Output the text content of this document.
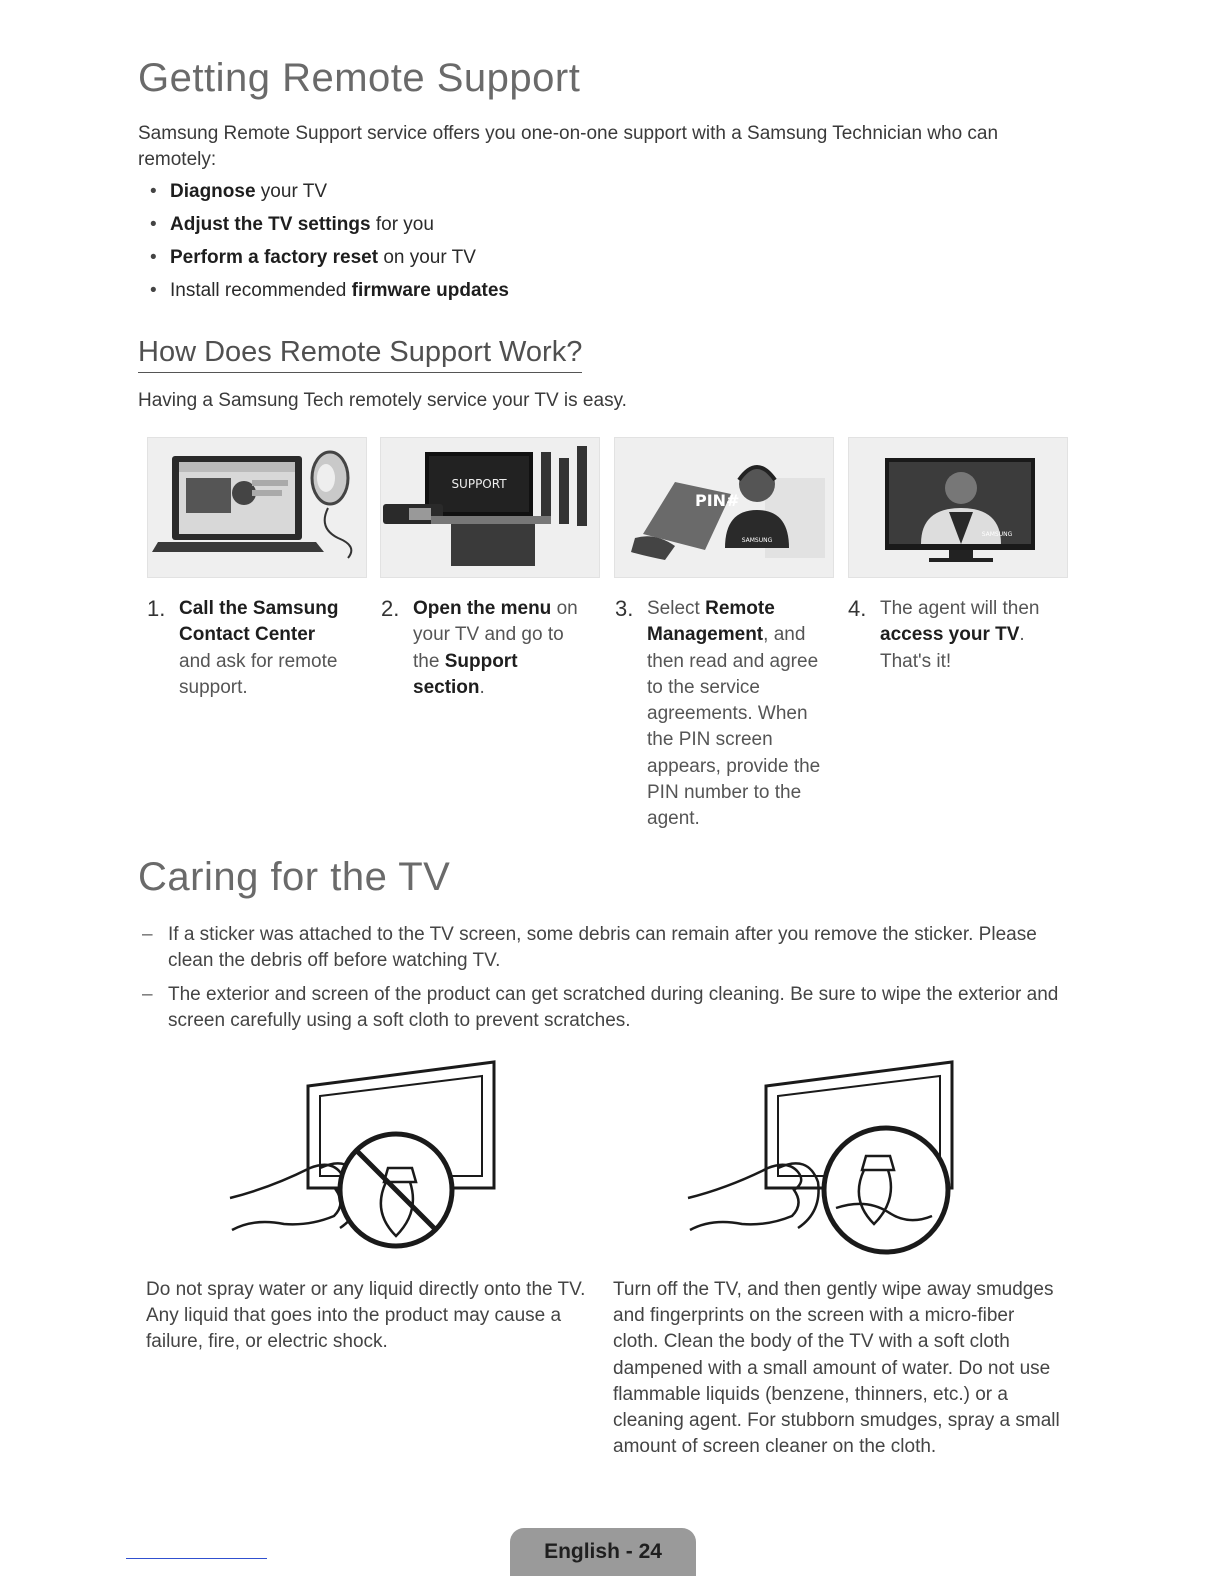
Getting Remote Support

Samsung Remote Support service offers you one-on-one support with a Samsung Technician who can remotely:

• Diagnose your TV
• Adjust the TV settings for you
• Perform a factory reset on your TV
• Install recommended firmware updates
How Does Remote Support Work?

Having a Samsung Tech remotely service your TV is easy.

SUPPORT
SAMSUNG
PIN#
SAMSUNG
1. Call the Samsung Contact Center and ask for remote support.
2. Open the menu on your TV and go to the Support section.
3. Select Remote Management, and then read and agree to the service agreements. When the PIN screen appears, provide the PIN number to the agent.
4. The agent will then access your TV. That's it!
Caring for the TV
– If a sticker was attached to the TV screen, some debris can remain after you remove the sticker. Please clean the debris off before watching TV.
– The exterior and screen of the product can get scratched during cleaning. Be sure to wipe the exterior and screen carefully using a soft cloth to prevent scratches.
Do not spray water or any liquid directly onto the TV. Any liquid that goes into the product may cause a failure, fire, or electric shock.
Turn off the TV, and then gently wipe away smudges and fingerprints on the screen with a micro-fiber cloth. Clean the body of the TV with a soft cloth dampened with a small amount of water. Do not use flammable liquids (benzene, thinners, etc.) or a cleaning agent. For stubborn smudges, spray a small amount of screen cleaner on the cloth.
English - 24
